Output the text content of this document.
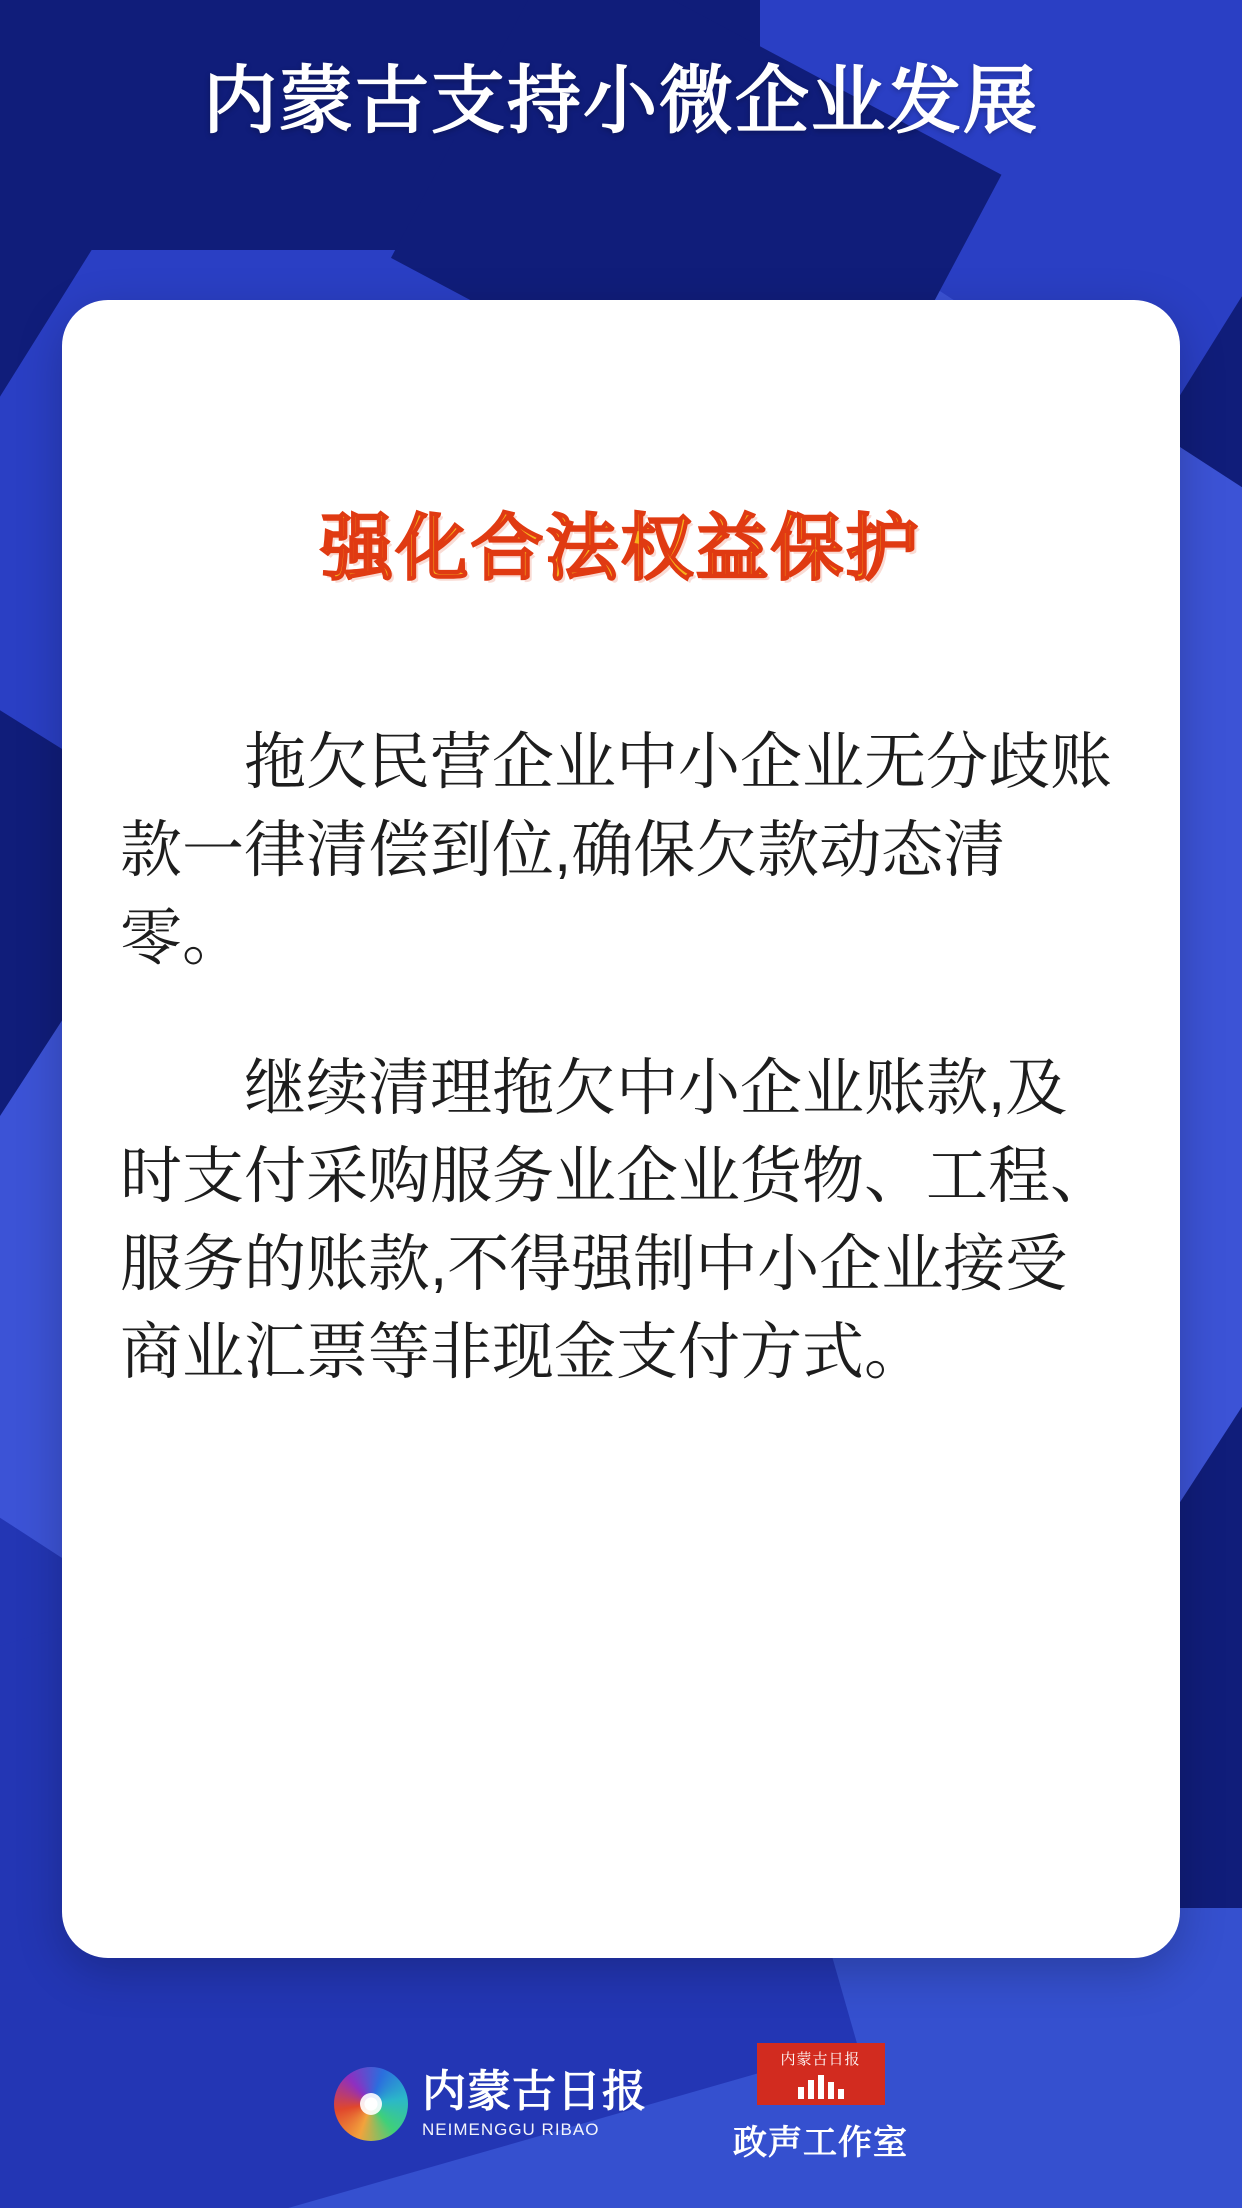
内蒙古支持小微企业发展
强化合法权益保护

拖欠民营企业中小企业无分歧账款一律清偿到位,确保欠款动态清零。

继续清理拖欠中小企业账款,及时支付采购服务业企业货物、工程、服务的账款,不得强制中小企业接受商业汇票等非现金支付方式。

内蒙古日报
NEIMENGGU RIBAO
内蒙古日报
政声工作室
